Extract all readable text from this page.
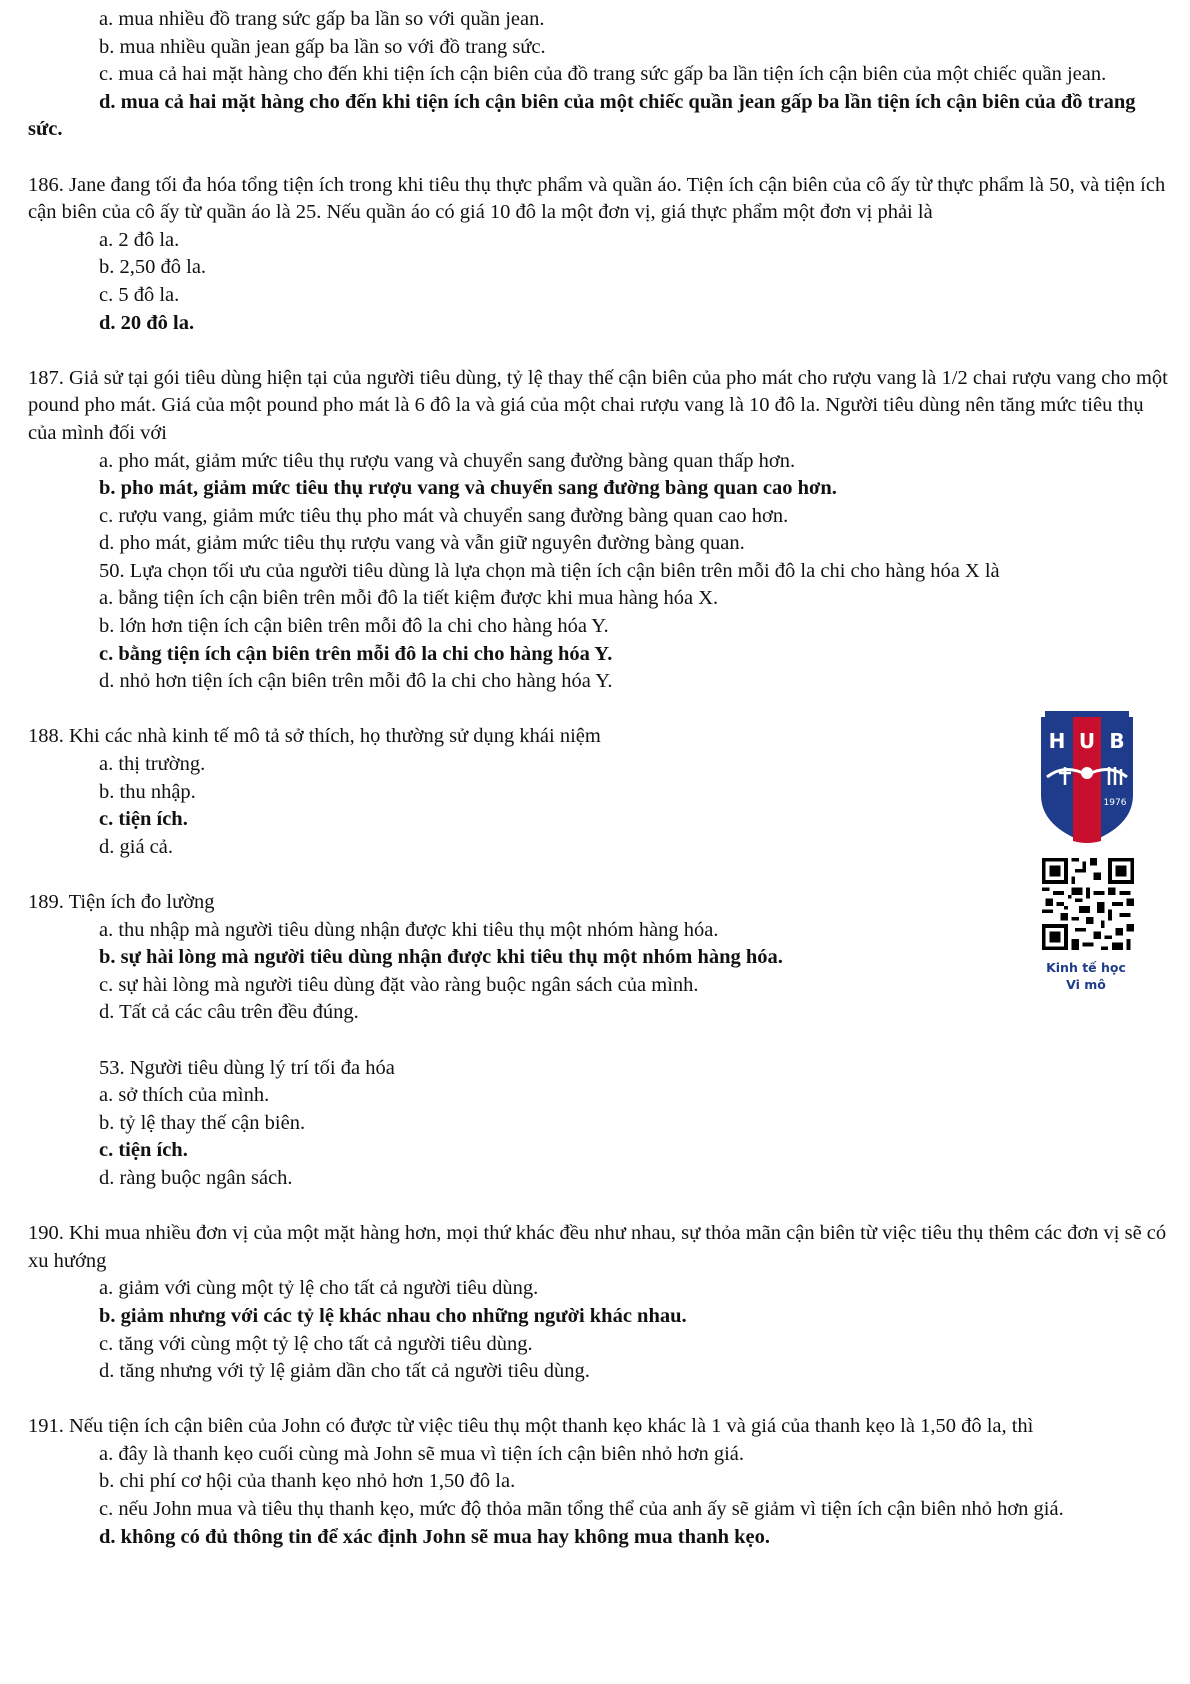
a. mua nhiều đồ trang sức gấp ba lần so với quần jean.
b. mua nhiều quần jean gấp ba lần so với đồ trang sức.
c. mua cả hai mặt hàng cho đến khi tiện ích cận biên của đồ trang sức gấp ba lần tiện ích cận biên của một chiếc quần jean.
d. mua cả hai mặt hàng cho đến khi tiện ích cận biên của một chiếc quần jean gấp ba lần tiện ích cận biên của đồ trang sức.
186. Jane đang tối đa hóa tổng tiện ích trong khi tiêu thụ thực phẩm và quần áo. Tiện ích cận biên của cô ấy từ thực phẩm là 50, và tiện ích cận biên của cô ấy từ quần áo là 25. Nếu quần áo có giá 10 đô la một đơn vị, giá thực phẩm một đơn vị phải là
a. 2 đô la.
b. 2,50 đô la.
c. 5 đô la.
d. 20 đô la.
187. Giả sử tại gói tiêu dùng hiện tại của người tiêu dùng, tỷ lệ thay thế cận biên của pho mát cho rượu vang là 1/2 chai rượu vang cho một pound pho mát. Giá của một pound pho mát là 6 đô la và giá của một chai rượu vang là 10 đô la. Người tiêu dùng nên tăng mức tiêu thụ của mình đối với
a. pho mát, giảm mức tiêu thụ rượu vang và chuyển sang đường bàng quan thấp hơn.
b. pho mát, giảm mức tiêu thụ rượu vang và chuyển sang đường bàng quan cao hơn.
c. rượu vang, giảm mức tiêu thụ pho mát và chuyển sang đường bàng quan cao hơn.
d. pho mát, giảm mức tiêu thụ rượu vang và vẫn giữ nguyên đường bàng quan.
50. Lựa chọn tối ưu của người tiêu dùng là lựa chọn mà tiện ích cận biên trên mỗi đô la chi cho hàng hóa X là
a. bằng tiện ích cận biên trên mỗi đô la tiết kiệm được khi mua hàng hóa X.
b. lớn hơn tiện ích cận biên trên mỗi đô la chi cho hàng hóa Y.
c. bằng tiện ích cận biên trên mỗi đô la chi cho hàng hóa Y.
d. nhỏ hơn tiện ích cận biên trên mỗi đô la chi cho hàng hóa Y.
188. Khi các nhà kinh tế mô tả sở thích, họ thường sử dụng khái niệm
a. thị trường.
b. thu nhập.
c. tiện ích.
d. giá cả.
189. Tiện ích đo lường
a. thu nhập mà người tiêu dùng nhận được khi tiêu thụ một nhóm hàng hóa.
b. sự hài lòng mà người tiêu dùng nhận được khi tiêu thụ một nhóm hàng hóa.
c. sự hài lòng mà người tiêu dùng đặt vào ràng buộc ngân sách của mình.
d. Tất cả các câu trên đều đúng.
53. Người tiêu dùng lý trí tối đa hóa
a. sở thích của mình.
b. tỷ lệ thay thế cận biên.
c. tiện ích.
d. ràng buộc ngân sách.
190. Khi mua nhiều đơn vị của một mặt hàng hơn, mọi thứ khác đều như nhau, sự thỏa mãn cận biên từ việc tiêu thụ thêm các đơn vị sẽ có xu hướng
a. giảm với cùng một tỷ lệ cho tất cả người tiêu dùng.
b. giảm nhưng với các tỷ lệ khác nhau cho những người khác nhau.
c. tăng với cùng một tỷ lệ cho tất cả người tiêu dùng.
d. tăng nhưng với tỷ lệ giảm dần cho tất cả người tiêu dùng.
191. Nếu tiện ích cận biên của John có được từ việc tiêu thụ một thanh kẹo khác là 1 và giá của thanh kẹo là 1,50 đô la, thì
a. đây là thanh kẹo cuối cùng mà John sẽ mua vì tiện ích cận biên nhỏ hơn giá.
b. chi phí cơ hội của thanh kẹo nhỏ hơn 1,50 đô la.
c. nếu John mua và tiêu thụ thanh kẹo, mức độ thỏa mãn tổng thể của anh ấy sẽ giảm vì tiện ích cận biên nhỏ hơn giá.
d. không có đủ thông tin để xác định John sẽ mua hay không mua thanh kẹo.
H U B
1976
Kinh tế học
Vi mô
